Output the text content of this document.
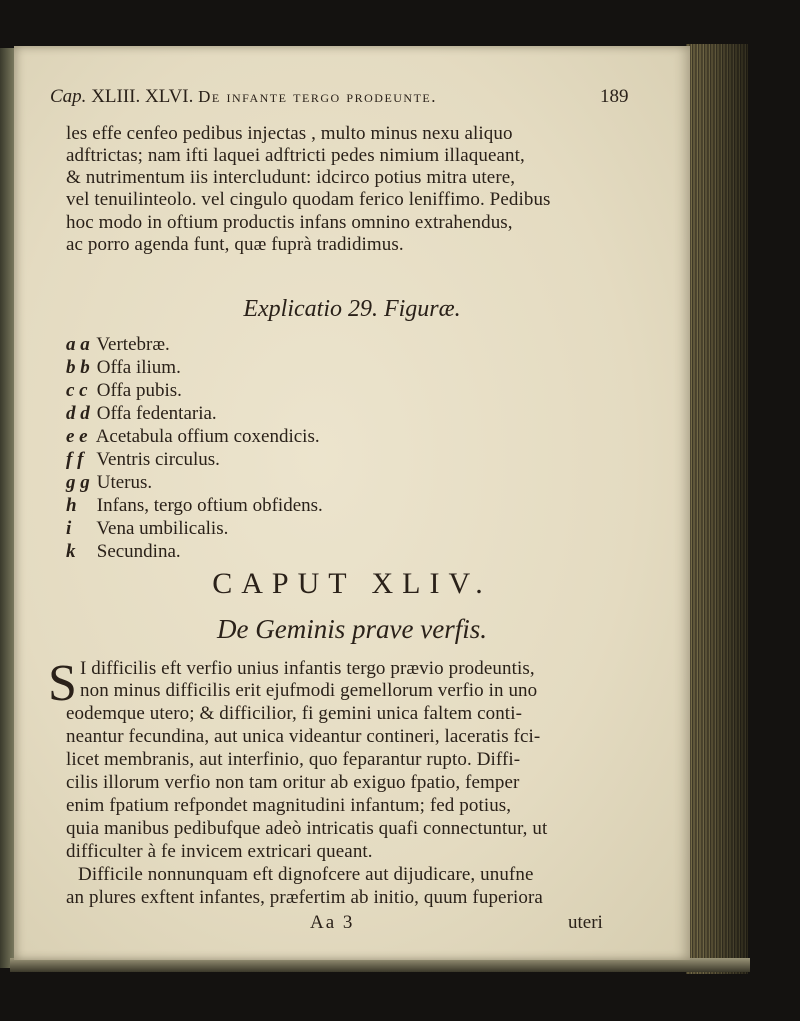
Cap. XLIII. XLVI. De infante tergo prodeunte.	189
les effe cenfeo pedibus injectas , multo minus nexu aliquo
adftrictas; nam ifti laquei adftricti pedes nimium illaqueant,
& nutrimentum iis intercludunt: idcirco potius mitra utere,
vel tenuilinteolo. vel cingulo quodam ferico leniffimo. Pedibus
hoc modo in oftium productis infans omnino extrahendus,
ac porro agenda funt, quæ fuprà tradidimus.
Explicatio 29. Figuræ.
a a Vertebræ.
b b Offa ilium.
c c Offa pubis.
d d Offa fedentaria.
e e Acetabula offium coxendicis.
f f Ventris circulus.
g g Uterus.
h Infans, tergo oftium obfidens.
i Vena umbilicalis.
k Secundina.
CAPUT XLIV.
De Geminis prave verfis.
S I difficilis eft verfio unius infantis tergo prævio prodeuntis,
non minus difficilis erit ejufmodi gemellorum verfio in uno
eodemque utero; & difficilior, fi gemini unica faltem conti-
neantur fecundina, aut unica videantur contineri, laceratis fci-
licet membranis, aut interfinio, quo feparantur rupto. Diffi-
cilis illorum verfio non tam oritur ab exiguo fpatio, femper
enim fpatium refpondet magnitudini infantum; fed potius,
quia manibus pedibufque adeò intricatis quafi connectuntur, ut
difficulter à fe invicem extricari queant.
Difficile nonnunquam eft dignofcere aut dijudicare, unufne
an plures exftent infantes, præfertim ab initio, quum fuperiora
Aa 3	uteri
